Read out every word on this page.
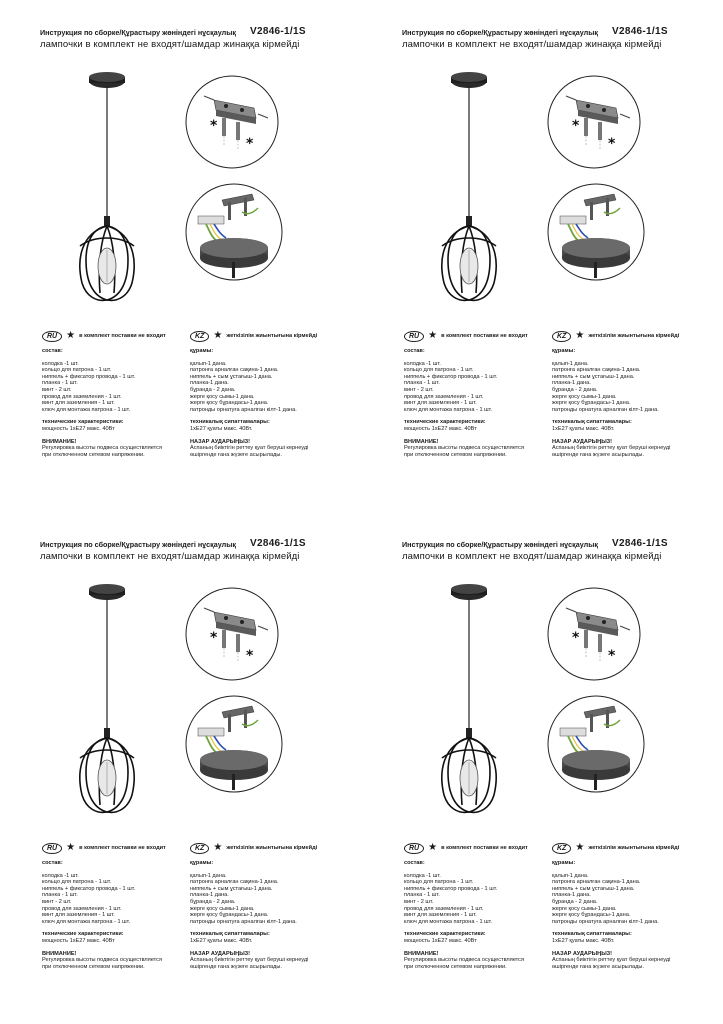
Инструкция по сборке/Құрастыру жөніндегі нұсқаулық V2846-1/1S
лампочки в комплект не входят/шамдар жинаққа кірмейді
*
*
RU ★ в комплект поставки не входит
состав:
колодка -1 шт.
кольцо для патрона - 1 шт.
ниппель + фиксатор провода - 1 шт.
планка - 1 шт.
винт - 2 шт.
провод для заземления - 1 шт.
винт для заземления - 1 шт.
ключ для монтажа патрона - 1 шт.
технические характеристики:
мощность 1xE27 макс. 40Вт
ВНИМАНИЕ!
Регулировка высоты подвеса осуществляется
при отключенном сетевом напряжении.
KZ ★ жеткізілім жиынтығына кірмейді
құрамы:
қалып-1 дана.
патронға арналған сақина-1 дана.
ниппель + сым ұстағыш-1 дана.
планка-1 дана.
бұранда - 2 дана.
жерге қосу сымы-1 дана.
жерге қосу бұрандасы-1 дана.
патронды орнатуға арналған кілт-1 дана.
техникалық сипаттамалары:
1xE27 қуаты макс. 40Вт.
НАЗАР АУДАРЫҢЫЗ!
Аспаның биіктігін реттеу қуат беруші кернеуді
өшіргенде ғана жүзеге асырылады.
Инструкция по сборке/Құрастыру жөніндегі нұсқаулық V2846-1/1S
лампочки в комплект не входят/шамдар жинаққа кірмейді
*
*
RU ★ в комплект поставки не входит
состав:
колодка -1 шт.
кольцо для патрона - 1 шт.
ниппель + фиксатор провода - 1 шт.
планка - 1 шт.
винт - 2 шт.
провод для заземления - 1 шт.
винт для заземления - 1 шт.
ключ для монтажа патрона - 1 шт.
технические характеристики:
мощность 1xE27 макс. 40Вт
ВНИМАНИЕ!
Регулировка высоты подвеса осуществляется
при отключенном сетевом напряжении.
KZ ★ жеткізілім жиынтығына кірмейді
құрамы:
қалып-1 дана.
патронға арналған сақина-1 дана.
ниппель + сым ұстағыш-1 дана.
планка-1 дана.
бұранда - 2 дана.
жерге қосу сымы-1 дана.
жерге қосу бұрандасы-1 дана.
патронды орнатуға арналған кілт-1 дана.
техникалық сипаттамалары:
1xE27 қуаты макс. 40Вт.
НАЗАР АУДАРЫҢЫЗ!
Аспаның биіктігін реттеу қуат беруші кернеуді
өшіргенде ғана жүзеге асырылады.
Инструкция по сборке/Құрастыру жөніндегі нұсқаулық V2846-1/1S
лампочки в комплект не входят/шамдар жинаққа кірмейді
*
*
RU ★ в комплект поставки не входит
состав:
колодка -1 шт.
кольцо для патрона - 1 шт.
ниппель + фиксатор провода - 1 шт.
планка - 1 шт.
винт - 2 шт.
провод для заземления - 1 шт.
винт для заземления - 1 шт.
ключ для монтажа патрона - 1 шт.
технические характеристики:
мощность 1xE27 макс. 40Вт
ВНИМАНИЕ!
Регулировка высоты подвеса осуществляется
при отключенном сетевом напряжении.
KZ ★ жеткізілім жиынтығына кірмейді
құрамы:
қалып-1 дана.
патронға арналған сақина-1 дана.
ниппель + сым ұстағыш-1 дана.
планка-1 дана.
бұранда - 2 дана.
жерге қосу сымы-1 дана.
жерге қосу бұрандасы-1 дана.
патронды орнатуға арналған кілт-1 дана.
техникалық сипаттамалары:
1xE27 қуаты макс. 40Вт.
НАЗАР АУДАРЫҢЫЗ!
Аспаның биіктігін реттеу қуат беруші кернеуді
өшіргенде ғана жүзеге асырылады.
Инструкция по сборке/Құрастыру жөніндегі нұсқаулық V2846-1/1S
лампочки в комплект не входят/шамдар жинаққа кірмейді
*
*
RU ★ в комплект поставки не входит
состав:
колодка -1 шт.
кольцо для патрона - 1 шт.
ниппель + фиксатор провода - 1 шт.
планка - 1 шт.
винт - 2 шт.
провод для заземления - 1 шт.
винт для заземления - 1 шт.
ключ для монтажа патрона - 1 шт.
технические характеристики:
мощность 1xE27 макс. 40Вт
ВНИМАНИЕ!
Регулировка высоты подвеса осуществляется
при отключенном сетевом напряжении.
KZ ★ жеткізілім жиынтығына кірмейді
құрамы:
қалып-1 дана.
патронға арналған сақина-1 дана.
ниппель + сым ұстағыш-1 дана.
планка-1 дана.
бұранда - 2 дана.
жерге қосу сымы-1 дана.
жерге қосу бұрандасы-1 дана.
патронды орнатуға арналған кілт-1 дана.
техникалық сипаттамалары:
1xE27 қуаты макс. 40Вт.
НАЗАР АУДАРЫҢЫЗ!
Аспаның биіктігін реттеу қуат беруші кернеуді
өшіргенде ғана жүзеге асырылады.
